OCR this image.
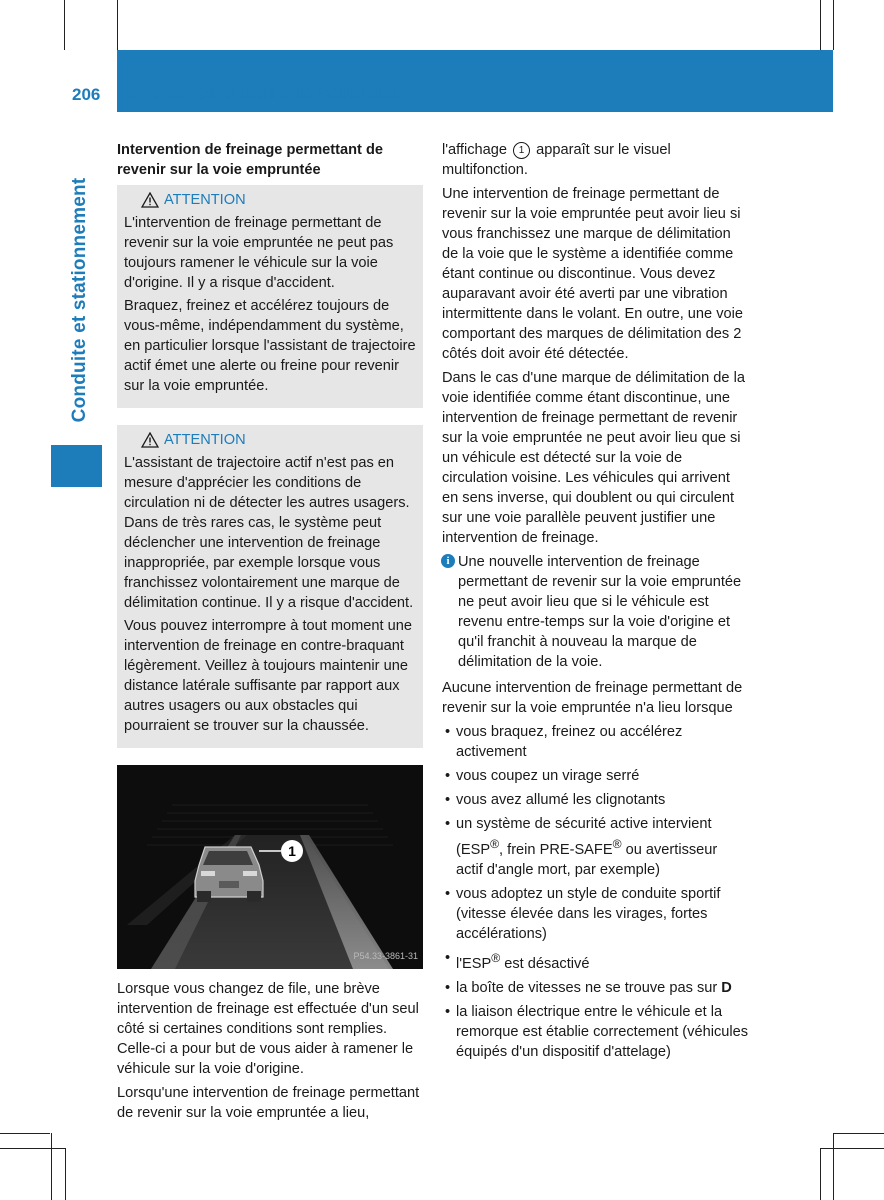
206 Systèmes d'aide à la conduite
Conduite et stationnement
Intervention de freinage permettant de revenir sur la voie empruntée
ATTENTION

L'intervention de freinage permettant de revenir sur la voie empruntée ne peut pas toujours ramener le véhicule sur la voie d'origine. Il y a risque d'accident.

Braquez, freinez et accélérez toujours de vous-même, indépendamment du système, en particulier lorsque l'assistant de trajectoire actif émet une alerte ou freine pour revenir sur la voie empruntée.

ATTENTION

L'assistant de trajectoire actif n'est pas en mesure d'apprécier les conditions de circulation ni de détecter les autres usagers. Dans de très rares cas, le système peut déclencher une intervention de freinage inappropriée, par exemple lorsque vous franchissez volontairement une marque de délimitation continue. Il y a risque d'accident.

Vous pouvez interrompre à tout moment une intervention de freinage en contre-braquant légèrement. Veillez à toujours maintenir une distance latérale suffisante par rapport aux autres usagers ou aux obstacles qui pourraient se trouver sur la chaussée.

1
P54.33-3861-31

Lorsque vous changez de file, une brève intervention de freinage est effectuée d'un seul côté si certaines conditions sont remplies. Celle-ci a pour but de vous aider à ramener le véhicule sur la voie d'origine.

Lorsqu'une intervention de freinage permettant de revenir sur la voie empruntée a lieu,

l'affichage 1 apparaît sur le visuel multifonction.

Une intervention de freinage permettant de revenir sur la voie empruntée peut avoir lieu si vous franchissez une marque de délimitation de la voie que le système a identifiée comme étant continue ou discontinue. Vous devez auparavant avoir été averti par une vibration intermittente dans le volant. En outre, une voie comportant des marques de délimitation des 2 côtés doit avoir été détectée.

Dans le cas d'une marque de délimitation de la voie identifiée comme étant discontinue, une intervention de freinage permettant de revenir sur la voie empruntée ne peut avoir lieu que si un véhicule est détecté sur la voie de circulation voisine. Les véhicules qui arrivent en sens inverse, qui doublent ou qui circulent sur une voie parallèle peuvent justifier une intervention de freinage.

i Une nouvelle intervention de freinage permettant de revenir sur la voie empruntée ne peut avoir lieu que si le véhicule est revenu entre-temps sur la voie d'origine et qu'il franchit à nouveau la marque de délimitation de la voie.

Aucune intervention de freinage permettant de revenir sur la voie empruntée n'a lieu lorsque

• vous braquez, freinez ou accélérez activement
• vous coupez un virage serré
• vous avez allumé les clignotants
• un système de sécurité active intervient (ESP®, frein PRE-SAFE® ou avertisseur actif d'angle mort, par exemple)
• vous adoptez un style de conduite sportif (vitesse élevée dans les virages, fortes accélérations)
• l'ESP® est désactivé
• la boîte de vitesses ne se trouve pas sur D
• la liaison électrique entre le véhicule et la remorque est établie correctement (véhicules équipés d'un dispositif d'attelage)
